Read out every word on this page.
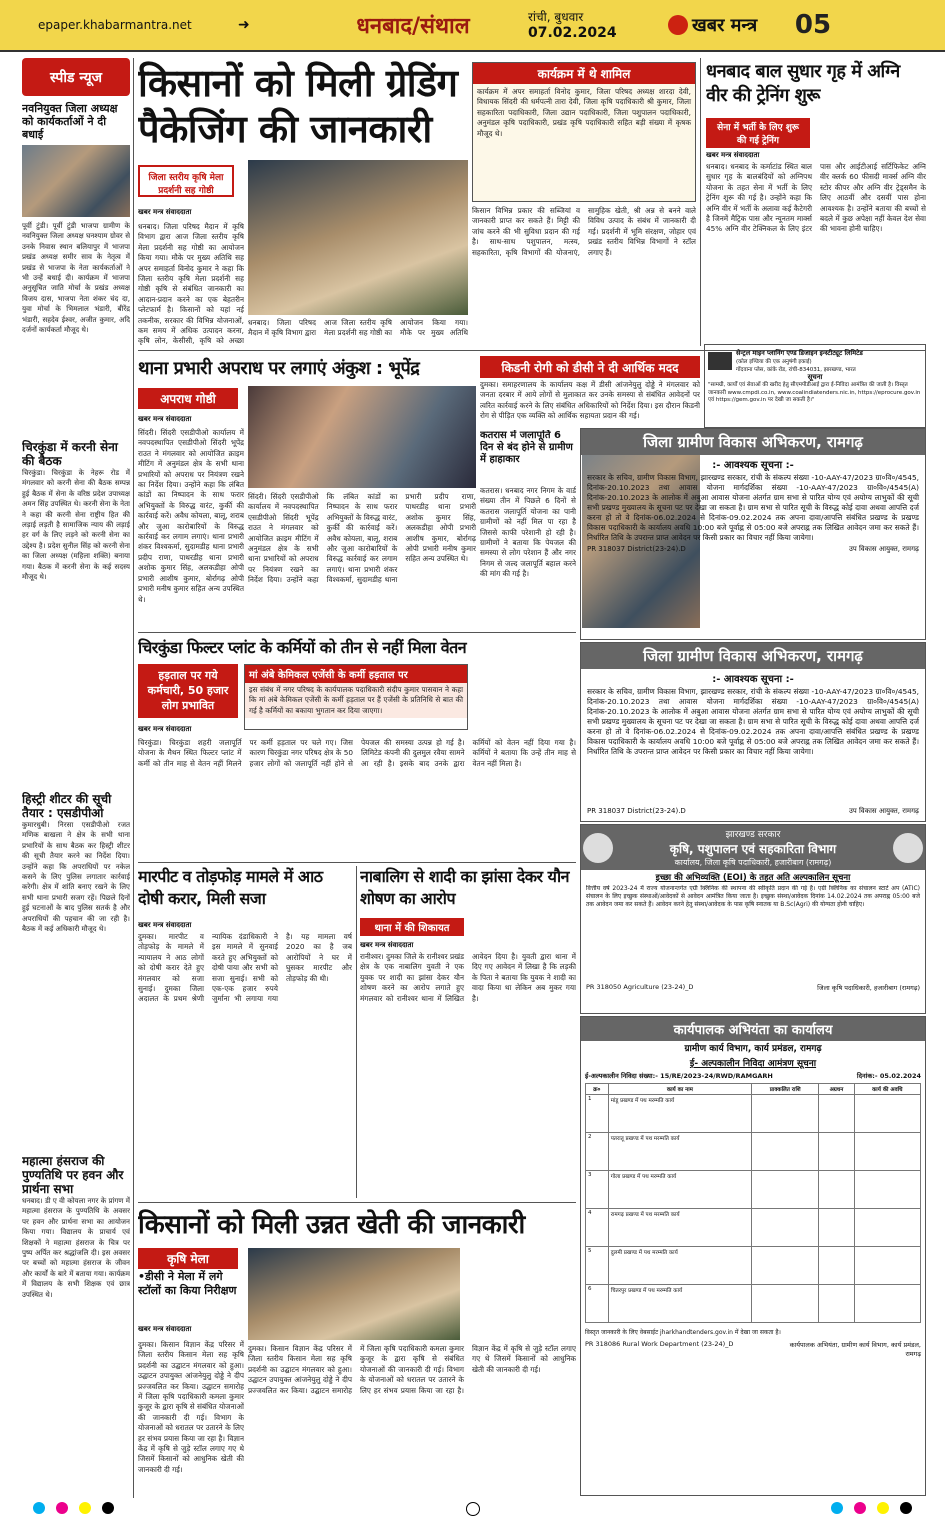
epaper.khabarmantra.net	➜	धनबाद/संथाल	रांची, बुधवार
07.02.2024	खबर मन्त्र 05
स्पीड न्यूज
नवनियुक्त जिला अध्यक्ष को कार्यकर्ताओं ने दी बधाई
पूर्वी टुंडी। पूर्वी टुंडी भाजपा ग्रामीण के नवनियुक्त जिला अध्यक्ष घनश्याम ग्रोवर से उनके निवास स्थान बलियापुर में भाजपा प्रखंड अध्यक्ष समीर साव के नेतृत्व में प्रखंड से भाजपा के नेता कार्यकर्ताओं ने भी उन्हें बधाई दी। कार्यक्रम में भाजपा अनुसूचित जाति मोर्चा के प्रखंड अध्यक्ष विजय दास, भाजपा नेता शंकर चंद दा, युवा मोर्चा के भिमलाल भंडारी, बीरेंद्र भंडारी, सहदेव ईश्वर, अजीत कुमार, अदि दर्जनों कार्यकर्ता मौजूद थे।
चिरकुंडा में करनी सेना की बैठक
चिरकुंडा। चिरकुंडा के नेहरू रोड में मंगलवार को करनी सेना की बैठक सम्पन्न हुई बैठक में सेना के वरिष्ठ प्रदेश उपाध्यक्ष अमन सिंह उपस्थित थे। करनी सेना के नेता ने कहा की करनी सेना राष्ट्रीय हित की लड़ाई लड़ती है सामाजिक न्याय की लड़ाई हर वर्ग के लिए लड़ने को करनी सेना का उद्देश्य है। प्रदेश सुनील सिंह को करनी सेना का जिला अध्यक्ष (महिला शक्ति) बनाया गया। बैठक में करनी सेना के कई सदस्य मौजूद थे।
हिस्ट्री शीटर की सूची तैयार : एसडीपीओ
कुमारधुबी। निरसा एसडीपीओ रजत मणिक बाखला ने क्षेत्र के सभी थाना प्रभारियों के साथ बैठक कर हिस्ट्री शीटर की सूची तैयार करने का निर्देश दिया। उन्होंने कहा कि अपराधियों पर नकेल कसने के लिए पुलिस लगातार कार्रवाई करेगी। क्षेत्र में शांति बनाए रखने के लिए सभी थाना प्रभारी सजग रहें। पिछले दिनों हुई घटनाओं के बाद पुलिस सतर्क है और अपराधियों की पहचान की जा रही है। बैठक में कई अधिकारी मौजूद थे।
महात्मा हंसराज की पुण्यतिथि पर हवन और प्रार्थना सभा
धनबाद। डी ए वी कोयला नगर के प्रांगण में महात्मा हंसराज के पुण्यतिथि के अवसर पर हवन और प्रार्थना सभा का आयोजन किया गया। विद्यालय के प्राचार्य एवं शिक्षकों ने महात्मा हंसराज के चित्र पर पुष्प अर्पित कर श्रद्धांजलि दी। इस अवसर पर बच्चों को महात्मा हंसराज के जीवन और कार्यों के बारे में बताया गया। कार्यक्रम में विद्यालय के सभी शिक्षक एवं छात्र उपस्थित थे।
किसानों को मिली ग्रेडिंग
पैकेजिंग की जानकारी
जिला स्तरीय कृषि मेला प्रदर्शनी सह गोष्ठी
खबर मन्त्र संवाददाता
धनबाद। जिला परिषद मैदान में कृषि विभाग द्वारा आज जिला स्तरीय कृषि मेला प्रदर्शनी सह गोष्ठी का आयोजन किया गया। मौके पर मुख्य अतिथि सह अपर समाहर्ता विनोद कुमार ने कहा कि जिला स्तरीय कृषि मेला प्रदर्शनी सह गोष्ठी कृषि से संबंधित जानकारी का आदान-प्रदान करने का एक बेहतरीन प्लेटफार्म है। किसानों को यहां नई तकनीक, सरकार की विभिन्न योजनाओं, कम समय में अधिक उत्पादन करना, कृषि लोन, केसीसी, कृषि को अच्छा
धनबाद। जिला परिषद मैदान में कृषि विभाग द्वारा आज जिला स्तरीय कृषि मेला प्रदर्शनी सह गोष्ठी का आयोजन किया गया। मौके पर मुख्य अतिथि
कार्यक्रम में थे शामिल
कार्यक्रम में अपर समाहर्ता विनोद कुमार, जिला परिषद अध्यक्ष शारदा देवी, विधायक सिंदरी की धर्मपत्नी तारा देवी, जिला कृषि पदाधिकारी श्री कुमार, जिला सहकारिता पदाधिकारी, जिला उद्यान पदाधिकारी, जिला पशुपालन पदाधिकारी, अनुमंडल कृषि पदाधिकारी, प्रखंड कृषि पदाधिकारी सहित बड़ी संख्या में कृषक मौजूद थे।
किसान विभिन्न प्रकार की सब्जियां व जानकारी प्राप्त कर सकते हैं। मिट्टी की जांच करने की भी सुविधा प्रदान की गई है। साथ-साथ पशुपालन, मत्स्य, सहकारिता, कृषि विभागों की योजनाएं, सामुहिक खेती, श्री अन्न से बनने वाले विविध उत्पाद के संबंध में जानकारी दी गई। प्रदर्शनी में भूमि संरक्षण, जोहार एवं प्रखंड स्तरीय विभिन्न विभागों ने स्टॉल लगाए हैं।
धनबाद बाल सुधार गृह में अग्नि वीर की ट्रेनिंग शुरू
सेना में भर्ती के लिए शुरू की गई ट्रेनिंग
खबर मन्त्र संवाददाता
धनबाद। धनबाद के कर्माटांड स्थित बाल सुधार गृह के बालबंदियों को अग्निपथ योजना के तहत सेना में भर्ती के लिए ट्रेनिंग शुरू की गई है। उन्होंने कहा कि अग्नि वीर में भर्ती के अलावा कई कैटेगरी है जिनमें मैट्रिक पास और न्यूनतम मार्क्स 45% अग्नि वीर टेक्निकल के लिए इंटर पास और आईटीआई सर्टिफिकेट अग्नि वीर क्लर्क 60 फीसदी मार्क्स अग्नि वीर स्टोर कीपर और अग्नि वीर ट्रेड्समैन के लिए आठवीं और दसवीं पास होना आवश्यक है। उन्होंने बताया की बच्चों से बदले में कुछ अपेक्षा नहीं केवल देश सेवा की भावना होनी चाहिए।
थाना प्रभारी अपराध पर लगाएं अंकुश : भूपेंद्र
अपराध गोष्ठी
खबर मन्त्र संवाददाता
सिंदरी। सिंदरी एसडीपीओ कार्यालय में नवपदस्थापित एसडीपीओ सिंदरी भूपेंद्र राउत ने मंगलवार को आयोजित क्राइम मीटिंग में अनुमंडल क्षेत्र के सभी थाना प्रभारियों को अपराध पर नियंत्रण रखने का निर्देश दिया। उन्होंने कहा कि लंबित कांडों का निष्पादन के साथ फरार अभियुक्तों के विरुद्ध वारंट, कुर्की की कार्रवाई करें। अवैध कोयला, बालू, शराब और जुआ कारोबारियों के विरुद्ध कार्रवाई कर लगाम लगाएं। थाना प्रभारी शंकर विश्वकर्मा, सुदामडीह थाना प्रभारी प्रदीप राणा, पाथरडीह थाना प्रभारी अशोक कुमार सिंह, अलकडीहा ओपी प्रभारी आशीष कुमार, बोर्रागढ़ ओपी प्रभारी मनीष कुमार सहित अन्य उपस्थित थे।
सिंदरी। सिंदरी एसडीपीओ कार्यालय में नवपदस्थापित एसडीपीओ सिंदरी भूपेंद्र राउत ने मंगलवार को आयोजित क्राइम मीटिंग में अनुमंडल क्षेत्र के सभी थाना प्रभारियों को अपराध पर नियंत्रण रखने का निर्देश दिया। उन्होंने कहा कि लंबित कांडों का निष्पादन के साथ फरार अभियुक्तों के विरुद्ध वारंट, कुर्की की कार्रवाई करें। अवैध कोयला, बालू, शराब और जुआ कारोबारियों के विरुद्ध कार्रवाई कर लगाम लगाएं। थाना प्रभारी शंकर विश्वकर्मा, सुदामडीह थाना प्रभारी प्रदीप राणा, पाथरडीह थाना प्रभारी अशोक कुमार सिंह, अलकडीहा ओपी प्रभारी आशीष कुमार, बोर्रागढ़ ओपी प्रभारी मनीष कुमार सहित अन्य उपस्थित थे।
किडनी रोगी को डीसी ने दी आर्थिक मदद
दुमका। समाहरणालय के कार्यालय कक्ष में डीसी आंजनेयुलु दोड्डे ने मंगलवार को जनता दरबार में आये लोगों से मुलाकात कर उनके समस्या से संबंधित आवेदनों पर त्वरित कार्रवाई करने के लिए संबंधित अधिकारियों को निर्देश दिया। इस दौरान किडनी रोग से पीड़ित एक व्यक्ति को आर्थिक सहायता प्रदान की गई।
कतरास में जलापूर्ति 6 दिन से बंद होने से ग्रामीण में हाहाकार
कतरास। धनबाद नगर निगम के वार्ड संख्या तीन में पिछले 6 दिनों से कतरास जलापूर्ति योजना का पानी ग्रामीणों को नहीं मिल पा रहा है जिससे काफी परेशानी हो रही है। ग्रामीणों ने बताया कि पेयजल की समस्या से लोग परेशान हैं और नगर निगम से जल्द जलापूर्ति बहाल करने की मांग की गई है।
सेन्ट्रल माइन प्लानिंग एण्ड डिजाइन इन्स्टीट्यूट लिमिटेड
(कोल इण्डिया की एक अनुषंगी इकाई)
गोंदवाना प्लेस, कांके रोड, रांची-834031, झारखण्ड, भारत
सूचना
"सामग्री, कार्यों एवं सेवाओं की खरीद हेतु सीएमपीडीआई द्वारा ई-निविदा आमंत्रित की जाती है। विस्तृत जानकारी www.cmpdi.co.in, www.coalindiatenders.nic.in, https://eprocure.gov.in एवं https://gem.gov.in पर देखी जा सकती है।"
जिला ग्रामीण विकास अभिकरण, रामगढ़
:- आवश्यक सूचना :-
सरकार के सचिव, ग्रामीण विकास विभाग, झारखण्ड सरकार, रांची के संकल्प संख्या -10-AAY-47/2023 ग्रा०वि०/4545, दिनांक-20.10.2023 तथा आवास योजना मार्गदर्शिका संख्या -10-AAY-47/2023 ग्रा०वि०/4545(A) दिनांक-20.10.2023 के आलोक में अबुआ आवास योजना अंतर्गत ग्राम सभा से पारित योग्य एवं अयोग्य लाभुकों की सूची सभी प्रखण्ड मुख्यालय के सूचना पट पर देखा जा सकता है। ग्राम सभा से पारित सूची के विरुद्ध कोई दावा अथवा आपत्ति दर्ज करना हो तो वे दिनांक-06.02.2024 से दिनांक-09.02.2024 तक अपना दावा/आपत्ति संबंधित प्रखण्ड के प्रखण्ड विकास पदाधिकारी के कार्यालय अवधि 10:00 बजे पूर्वाह्न से 05:00 बजे अपराह्न तक लिखित आवेदन जमा कर सकते हैं। निर्धारित तिथि के उपरान्त प्राप्त आवेदन पर किसी प्रकार का विचार नहीं किया जायेगा।
PR 318037 District(23-24).D	उप विकास आयुक्त, रामगढ़
चिरकुंडा फिल्टर प्लांट के कर्मियों को तीन से नहीं मिला वेतन
हड़ताल पर गये कर्मचारी, 50 हजार लोग प्रभावित
मां अंबे केमिकल एजेंसी के कर्मी हड़ताल पर
इस संबंध में नगर परिषद के कार्यपालक पदाधिकारी संदीप कुमार पासवान ने कहा कि मां अंबे केमिकल एजेंसी के कर्मी हड़ताल पर हैं एजेंसी के प्रतिनिधि से बात की गई है कर्मियों का बकाया भुगतान कर दिया जाएगा।
खबर मन्त्र संवाददाता
चिरकुंडा। चिरकुंडा शहरी जलापूर्ति योजना के मैथन स्थित फिल्टर प्लांट में कर्मी को तीन माह से वेतन नहीं मिलने पर कर्मी हड़ताल पर चले गए। जिस कारण चिरकुंडा नगर परिषद क्षेत्र के 50 हजार लोगों को जलापूर्ति नहीं होने से पेयजल की समस्या उत्पन्न हो गई है। लिमिटेड कंपनी की दुलमुल रवैया सामने आ रही है। इसके बाद उनके द्वारा कर्मियों को वेतन नहीं दिया गया है। कर्मियों ने बताया कि उन्हें तीन माह से वेतन नहीं मिला है।
जिला ग्रामीण विकास अभिकरण, रामगढ़
:- आवश्यक सूचना :-
सरकार के सचिव, ग्रामीण विकास विभाग, झारखण्ड सरकार, रांची के संकल्प संख्या -10-AAY-47/2023 ग्रा०वि०/4545, दिनांक-20.10.2023 तथा आवास योजना मार्गदर्शिका संख्या -10-AAY-47/2023 ग्रा०वि०/4545(A) दिनांक-20.10.2023 के आलोक में अबुआ आवास योजना अंतर्गत ग्राम सभा से पारित योग्य एवं अयोग्य लाभुकों की सूची सभी प्रखण्ड मुख्यालय के सूचना पट पर देखा जा सकता है। ग्राम सभा से पारित सूची के विरुद्ध कोई दावा अथवा आपत्ति दर्ज करना हो तो वे दिनांक-06.02.2024 से दिनांक-09.02.2024 तक अपना दावा/आपत्ति संबंधित प्रखण्ड के प्रखण्ड विकास पदाधिकारी के कार्यालय अवधि 10:00 बजे पूर्वाह्न से 05:00 बजे अपराह्न तक लिखित आवेदन जमा कर सकते हैं। निर्धारित तिथि के उपरान्त प्राप्त आवेदन पर किसी प्रकार का विचार नहीं किया जायेगा।
PR 318037 District(23-24).D	उप विकास आयुक्त, रामगढ़
मारपीट व तोड़फोड़ मामले में आठ दोषी करार, मिली सजा
खबर मन्त्र संवाददाता
दुमका। मारपीट व तोड़फोड़ के मामले में न्यायालय ने आठ लोगों को दोषी करार देते हुए मंगलवार को सजा सुनाई। दुमका जिला अदालत के प्रथम श्रेणी न्यायिक दंडाधिकारी ने इस मामले में सुनवाई करते हुए अभियुक्तों को दोषी पाया और सभी को सजा सुनाई। सभी को एक-एक हजार रुपये जुर्माना भी लगाया गया है। यह मामला वर्ष 2020 का है जब आरोपियों ने घर में घुसकर मारपीट और तोड़फोड़ की थी।
नाबालिग से शादी का झांसा देकर यौन शोषण का आरोप
थाना में की शिकायत
खबर मन्त्र संवाददाता
रानीश्वर। दुमका जिले के रानीश्वर प्रखंड क्षेत्र के एक नाबालिग युवती ने एक युवक पर शादी का झांसा देकर यौन शोषण करने का आरोप लगाते हुए मंगलवार को रानीश्वर थाना में लिखित आवेदन दिया है। युवती द्वारा थाना में दिए गए आवेदन में लिखा है कि लड़की के पिता ने बताया कि युवक ने शादी का वादा किया था लेकिन अब मुकर गया है।
झारखण्ड सरकार
कृषि, पशुपालन एवं सहकारिता विभाग
कार्यालय, जिला कृषि पदाधिकारी, हजारीबाग (रामगढ़)
इच्छा की अभिव्यक्ति (EOI) के तहत अति अल्पकालिन सूचना
वित्तीय वर्ष 2023-24 में राज्य योजनान्तर्गत एग्री क्लिनिक की स्थापना की स्वीकृति प्रदान की गई है। एग्री क्लिनिक का संचालन स्टार्ट अप (ATIC) संचालन के लिए इच्छुक संस्थाओं/आवेदकों से आवेदन आमंत्रित किया जाता है। इच्छुक संस्था/आवेदक दिनांक 14.02.2024 तक अपराह्न 05:00 बजे तक आवेदन जमा कर सकते हैं। आवेदन करने हेतु संस्था/आवेदक के पास कृषि स्नातक या B.Sc(Agri) की योग्यता होनी चाहिए।
PR 318050 Agriculture (23-24)_D	जिला कृषि पदाधिकारी, हजारीबाग (रामगढ़)
कार्यपालक अभियंता का कार्यालय
ग्रामीण कार्य विभाग, कार्य प्रमंडल, रामगढ़
ई- अल्पकालीन निविदा आमंत्रण सूचना
ई-अल्पकालीन निविदा संख्या:- 15/RE/2023-24/RWD/RAMGARH	दिनांक:- 05.02.2024
क्र०	कार्य का नाम	प्राक्कलित राशि	अग्रधन	कार्य की अवधि
1	मांडू प्रखण्ड में पथ मरम्मति कार्य			
2	पतरातू प्रखण्ड में पथ मरम्मति कार्य			
3	गोला प्रखण्ड में पथ मरम्मति कार्य			
4	रामगढ़ प्रखण्ड में पथ मरम्मति कार्य			
5	दुलमी प्रखण्ड में पथ मरम्मति कार्य			
6	चितरपुर प्रखण्ड में पथ मरम्मति कार्य			
विस्तृत जानकारी के लिए वेबसाईट jharkhandtenders.gov.in में देखा जा सकता है।
PR 318086 Rural Work Department (23-24)_D	कार्यपालक अभियंता, ग्रामीण कार्य विभाग, कार्य प्रमंडल, रामगढ़
किसानों को मिली उन्नत खेती की जानकारी
कृषि मेला
•डीसी ने मेला में लगे स्टॉलों का किया निरीक्षण
खबर मन्त्र संवाददाता
दुमका। किसान विज्ञान केंद्र परिसर में जिला स्तरीय किसान मेला सह कृषि प्रदर्शनी का उद्घाटन मंगलवार को हुआ। उद्घाटन उपायुक्त आंजनेयुलु दोड्डे ने दीप प्रज्जवलित कर किया। उद्घाटन समारोह में जिला कृषि पदाधिकारी कमला कुमार कुजूर के द्वारा कृषि से संबंधित योजनाओं की जानकारी दी गई। विभाग के योजनाओं को धरातल पर उतारने के लिए हर संभव प्रयास किया जा रहा है। विज्ञान केंद्र में कृषि से जुड़े स्टॉल लगाए गए थे जिसमें किसानों को आधुनिक खेती की जानकारी दी गई।
दुमका। किसान विज्ञान केंद्र परिसर में जिला स्तरीय किसान मेला सह कृषि प्रदर्शनी का उद्घाटन मंगलवार को हुआ। उद्घाटन उपायुक्त आंजनेयुलु दोड्डे ने दीप प्रज्जवलित कर किया। उद्घाटन समारोह में जिला कृषि पदाधिकारी कमला कुमार कुजूर के द्वारा कृषि से संबंधित योजनाओं की जानकारी दी गई। विभाग के योजनाओं को धरातल पर उतारने के लिए हर संभव प्रयास किया जा रहा है। विज्ञान केंद्र में कृषि से जुड़े स्टॉल लगाए गए थे जिसमें किसानों को आधुनिक खेती की जानकारी दी गई।
